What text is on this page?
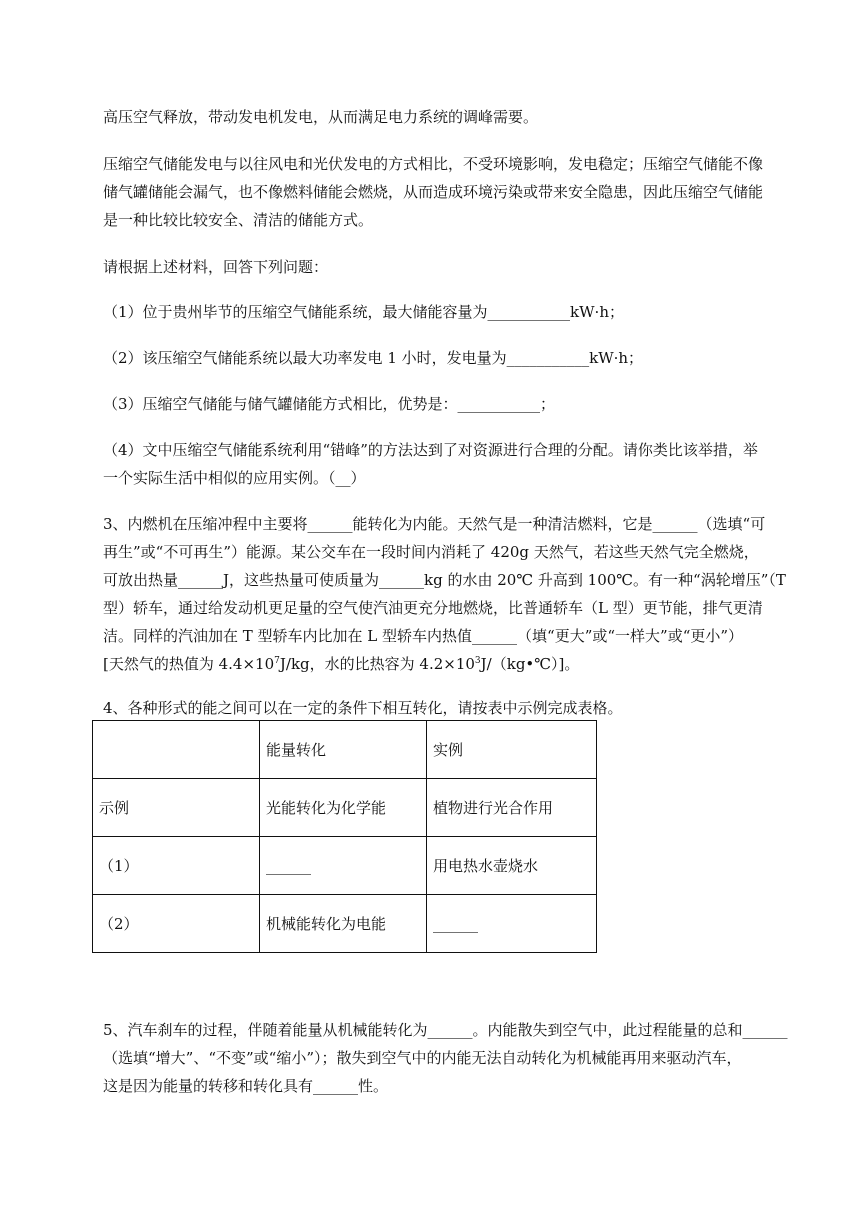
高压空气释放，带动发电机发电，从而满足电力系统的调峰需要。

压缩空气储能发电与以往风电和光伏发电的方式相比，不受环境影响，发电稳定；压缩空气储能不像
储气罐储能会漏气，也不像燃料储能会燃烧，从而造成环境污染或带来安全隐患，因此压缩空气储能
是一种比较比较安全、清洁的储能方式。

请根据上述材料，回答下列问题：

（1）位于贵州毕节的压缩空气储能系统，最大储能容量为___________kW·h；

（2）该压缩空气储能系统以最大功率发电 1 小时，发电量为___________kW·h；

（3）压缩空气储能与储气罐储能方式相比，优势是：___________；

（4）文中压缩空气储能系统利用“错峰”的方法达到了对资源进行合理的分配。请你类比该举措，举
一个实际生活中相似的应用实例。（__）

3、内燃机在压缩冲程中主要将______能转化为内能。天然气是一种清洁燃料，它是______（选填“可
再生”或“不可再生”）能源。某公交车在一段时间内消耗了 420g 天然气，若这些天然气完全燃烧，
可放出热量______J，这些热量可使质量为______kg 的水由 20℃ 升高到 100℃。有一种“涡轮增压”（T
型）轿车，通过给发动机更足量的空气使汽油更充分地燃烧，比普通轿车（L 型）更节能，排气更清
洁。同样的汽油加在 T 型轿车内比加在 L 型轿车内热值______（填“更大”或“一样大”或“更小”）
[天然气的热值为 $4.4\times 10^7J/kg$，水的比热容为 $4.2\times 10^3J/(kg•℃)$]。

4、各种形式的能之间可以在一定的条件下相互转化，请按表中示例完成表格。

	能量转化	实例
示例	光能转化为化学能	植物进行光合作用
（1）	______	用电热水壶烧水
（2）	机械能转化为电能	______

5、汽车刹车的过程，伴随着能量从机械能转化为______。内能散失到空气中，此过程能量的总和______
（选填“增大”、“不变”或“缩小”）；散失到空气中的内能无法自动转化为机械能再用来驱动汽车，
这是因为能量的转移和转化具有______性。
